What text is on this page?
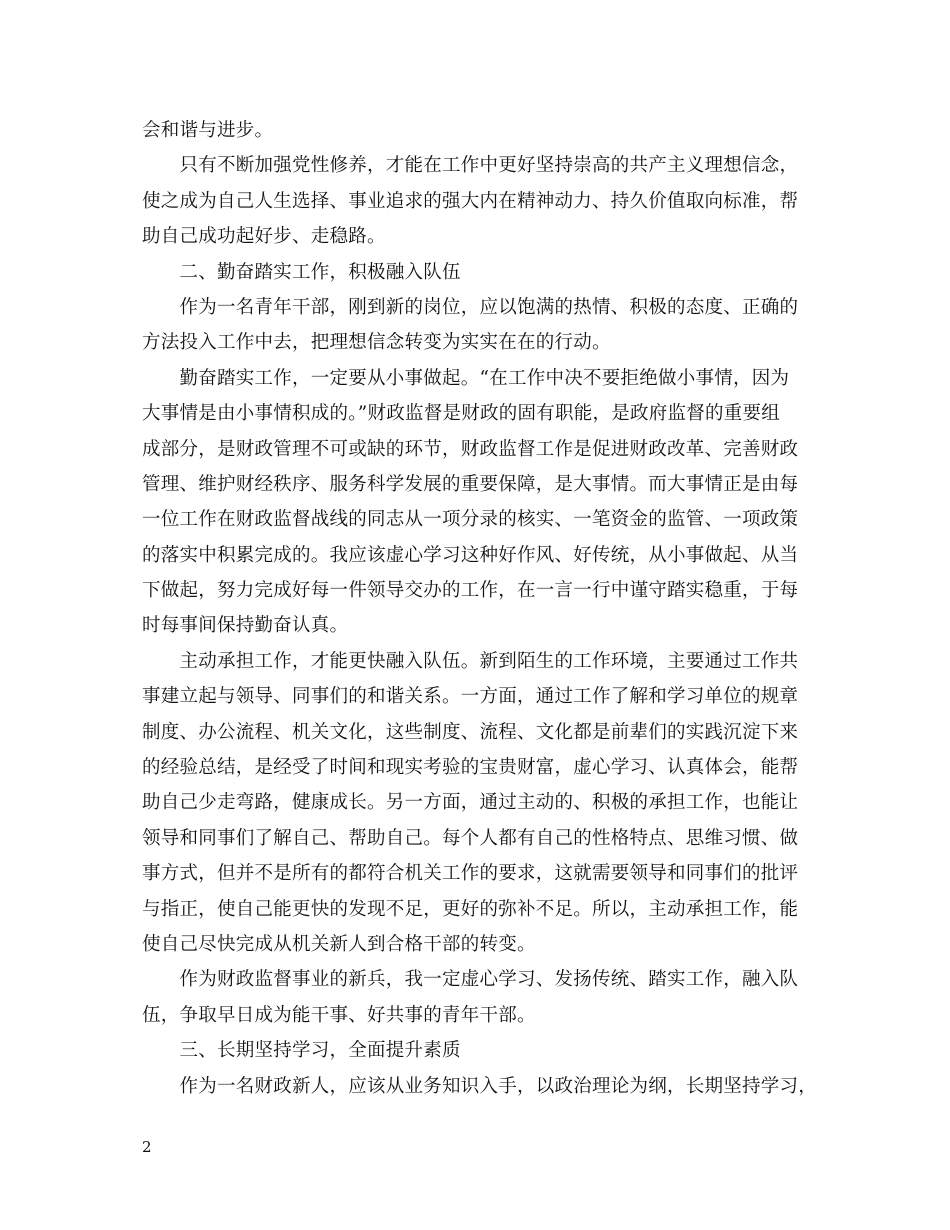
会和谐与进步。
　　只有不断加强党性修养，才能在工作中更好坚持崇高的共产主义理想信念，
使之成为自己人生选择、事业追求的强大内在精神动力、持久价值取向标准，帮
助自己成功起好步、走稳路。
　　二、勤奋踏实工作，积极融入队伍
　　作为一名青年干部，刚到新的岗位，应以饱满的热情、积极的态度、正确的
方法投入工作中去，把理想信念转变为实实在在的行动。
　　勤奋踏实工作，一定要从小事做起。“在工作中决不要拒绝做小事情，因为
大事情是由小事情积成的。”财政监督是财政的固有职能，是政府监督的重要组
成部分，是财政管理不可或缺的环节，财政监督工作是促进财政改革、完善财政
管理、维护财经秩序、服务科学发展的重要保障，是大事情。而大事情正是由每
一位工作在财政监督战线的同志从一项分录的核实、一笔资金的监管、一项政策
的落实中积累完成的。我应该虚心学习这种好作风、好传统，从小事做起、从当
下做起，努力完成好每一件领导交办的工作，在一言一行中谨守踏实稳重，于每
时每事间保持勤奋认真。
　　主动承担工作，才能更快融入队伍。新到陌生的工作环境，主要通过工作共
事建立起与领导、同事们的和谐关系。一方面，通过工作了解和学习单位的规章
制度、办公流程、机关文化，这些制度、流程、文化都是前辈们的实践沉淀下来
的经验总结，是经受了时间和现实考验的宝贵财富，虚心学习、认真体会，能帮
助自己少走弯路，健康成长。另一方面，通过主动的、积极的承担工作，也能让
领导和同事们了解自己、帮助自己。每个人都有自己的性格特点、思维习惯、做
事方式，但并不是所有的都符合机关工作的要求，这就需要领导和同事们的批评
与指正，使自己能更快的发现不足，更好的弥补不足。所以，主动承担工作，能
使自己尽快完成从机关新人到合格干部的转变。
　　作为财政监督事业的新兵，我一定虚心学习、发扬传统、踏实工作，融入队
伍，争取早日成为能干事、好共事的青年干部。
　　三、长期坚持学习，全面提升素质
　　作为一名财政新人，应该从业务知识入手，以政治理论为纲，长期坚持学习，
2
